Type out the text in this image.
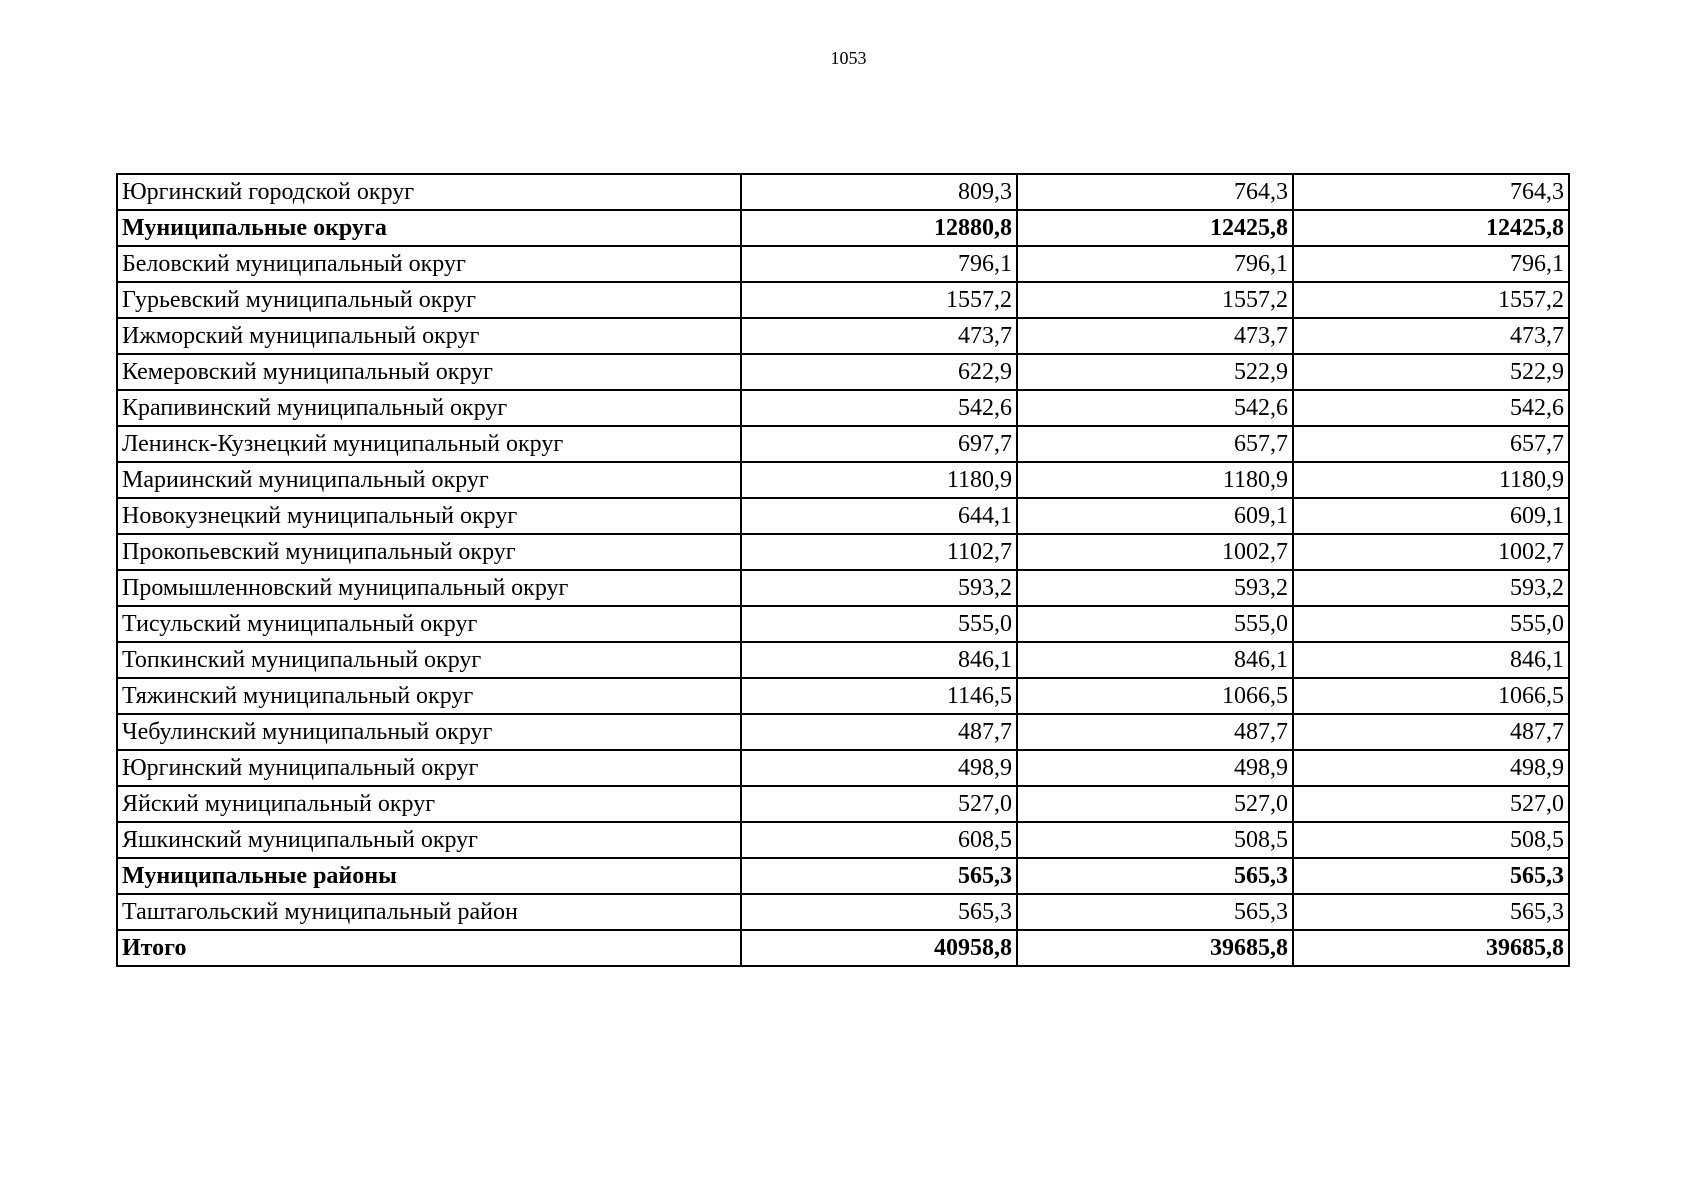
1053
Юргинский городской округ	809,3	764,3	764,3
Муниципальные округа	12880,8	12425,8	12425,8
Беловский муниципальный округ	796,1	796,1	796,1
Гурьевский муниципальный округ	1557,2	1557,2	1557,2
Ижморский муниципальный округ	473,7	473,7	473,7
Кемеровский муниципальный округ	622,9	522,9	522,9
Крапивинский муниципальный округ	542,6	542,6	542,6
Ленинск-Кузнецкий муниципальный округ	697,7	657,7	657,7
Мариинский муниципальный округ	1180,9	1180,9	1180,9
Новокузнецкий муниципальный округ	644,1	609,1	609,1
Прокопьевский муниципальный округ	1102,7	1002,7	1002,7
Промышленновский муниципальный округ	593,2	593,2	593,2
Тисульский муниципальный округ	555,0	555,0	555,0
Топкинский муниципальный округ	846,1	846,1	846,1
Тяжинский муниципальный округ	1146,5	1066,5	1066,5
Чебулинский муниципальный округ	487,7	487,7	487,7
Юргинский муниципальный округ	498,9	498,9	498,9
Яйский муниципальный округ	527,0	527,0	527,0
Яшкинский муниципальный округ	608,5	508,5	508,5
Муниципальные районы	565,3	565,3	565,3
Таштагольский муниципальный район	565,3	565,3	565,3
Итого	40958,8	39685,8	39685,8
